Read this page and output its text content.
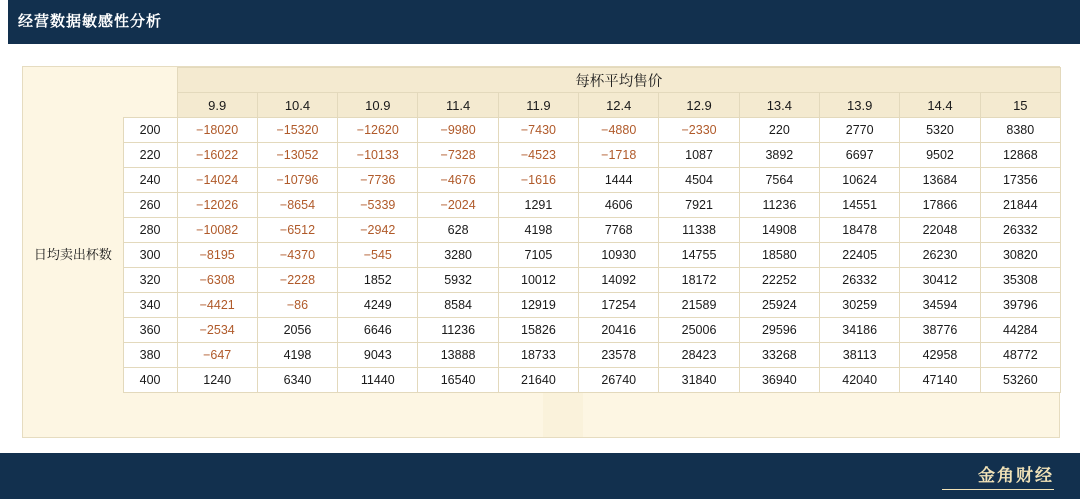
经营数据敏感性分析
		每杯平均售价										
		9.9	10.4	10.9	11.4	11.9	12.4	12.9	13.4	13.9	14.4	15
日均卖出杯数	200	−18020	−15320	−12620	−9980	−7430	−4880	−2330	220	2770	5320	8380
	220	−16022	−13052	−10133	−7328	−4523	−1718	1087	3892	6697	9502	12868
	240	−14024	−10796	−7736	−4676	−1616	1444	4504	7564	10624	13684	17356
	260	−12026	−8654	−5339	−2024	1291	4606	7921	11236	14551	17866	21844
	280	−10082	−6512	−2942	628	4198	7768	11338	14908	18478	22048	26332
	300	−8195	−4370	−545	3280	7105	10930	14755	18580	22405	26230	30820
	320	−6308	−2228	1852	5932	10012	14092	18172	22252	26332	30412	35308
	340	−4421	−86	4249	8584	12919	17254	21589	25924	30259	34594	39796
	360	−2534	2056	6646	11236	15826	20416	25006	29596	34186	38776	44284
	380	−647	4198	9043	13888	18733	23578	28423	33268	38113	42958	48772
	400	1240	6340	11440	16540	21640	26740	31840	36940	42040	47140	53260
金角财经
